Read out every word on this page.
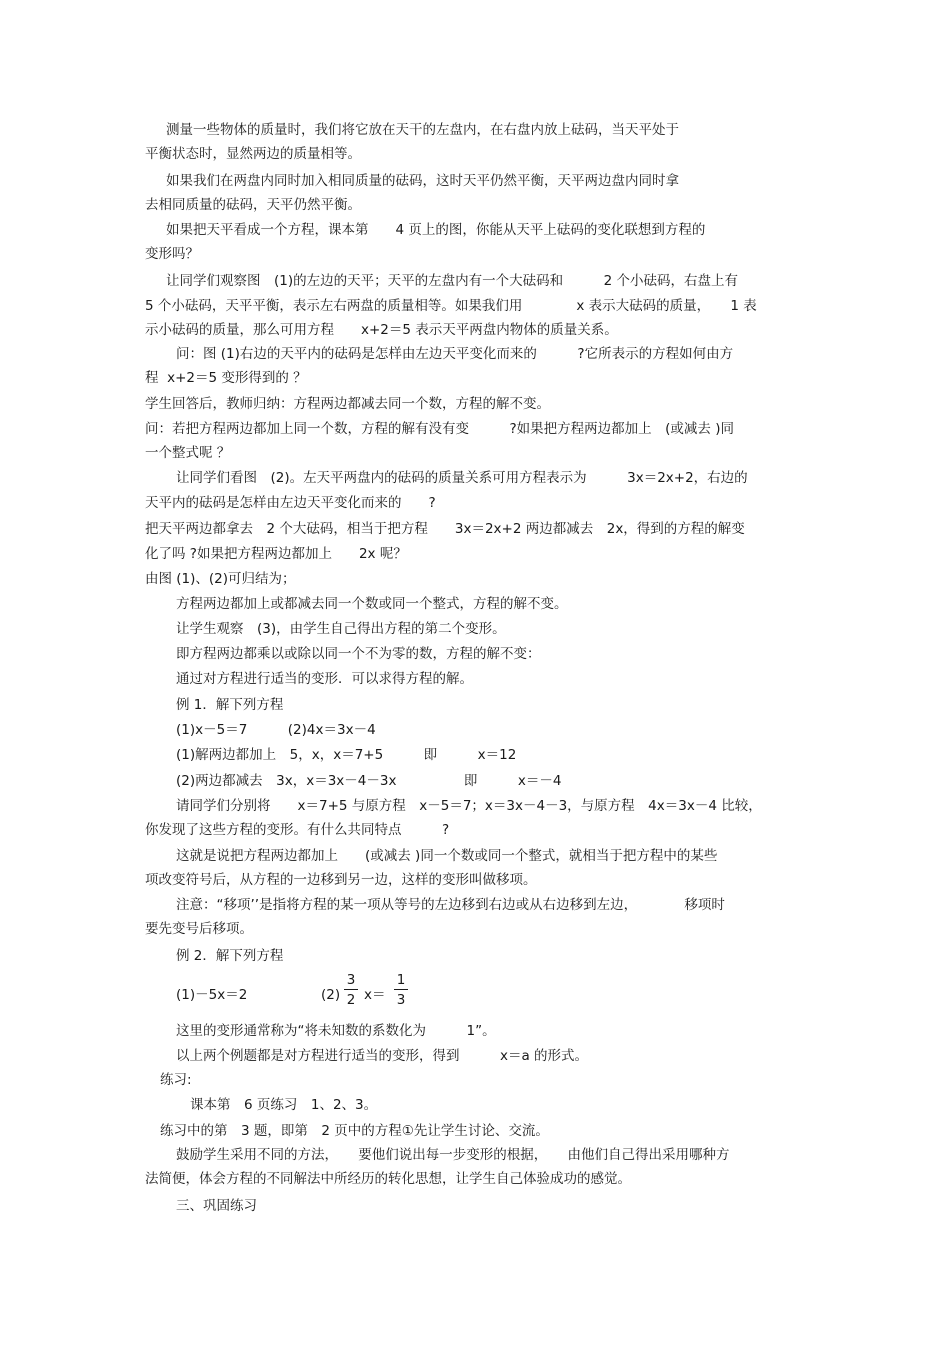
测量一些物体的质量时，我们将它放在天干的左盘内，在右盘内放上砝码，当天平处于
平衡状态时，显然两边的质量相等。
如果我们在两盘内同时加入相同质量的砝码，这时天平仍然平衡，天平两边盘内同时拿
去相同质量的砝码，天平仍然平衡。
如果把天平看成一个方程，课本第　　4 页上的图，你能从天平上砝码的变化联想到方程的
变形吗？
让同学们观察图　(1)的左边的天平；天平的左盘内有一个大砝码和　　　2 个小砝码，右盘上有
5 个小砝码，天平平衡，表示左右两盘的质量相等。如果我们用　　　　x 表示大砝码的质量，　　1 表
示小砝码的质量，那么可用方程　　x+2＝5 表示天平两盘内物体的质量关系。
问：图 (1)右边的天平内的砝码是怎样由左边天平变化而来的　　　?它所表示的方程如何由方
程  x+2＝5 变形得到的 ？
学生回答后，教师归纳：方程两边都减去同一个数，方程的解不变。
问：若把方程两边都加上同一个数，方程的解有没有变　　　?如果把方程两边都加上　(或减去 )同
一个整式呢 ？
让同学们看图　(2)。左天平两盘内的砝码的质量关系可用方程表示为　　　3x＝2x+2，右边的
天平内的砝码是怎样由左边天平变化而来的　　?
把天平两边都拿去　2 个大砝码，相当于把方程　　3x＝2x+2 两边都减去　2x，得到的方程的解变
化了吗 ?如果把方程两边都加上　　2x 呢？
由图 (1)、(2)可归结为；
方程两边都加上或都减去同一个数或同一个整式，方程的解不变。
让学生观察　(3)，由学生自己得出方程的第二个变形。
即方程两边都乘以或除以同一个不为零的数，方程的解不变：
通过对方程进行适当的变形．可以求得方程的解。
例 1．解下列方程
(1)x－5＝7　　　(2)4x＝3x－4
(1)解两边都加上　5，x，x＝7+5　　　即　　　x＝12
(2)两边都减去　3x，x＝3x－4－3x　　　　　即　　　x＝－4
请同学们分别将　　x＝7+5 与原方程　x－5＝7；x＝3x－4－3，与原方程　4x＝3x－4 比较，
你发现了这些方程的变形。有什么共同特点　　　?
这就是说把方程两边都加上　　(或减去 )同一个数或同一个整式，就相当于把方程中的某些
项改变符号后，从方程的一边移到另一边，这样的变形叫做移项。
注意：“移项’’是指将方程的某一项从等号的左边移到右边或从右边移到左边，　　　　移项时
要先变号后移项。
例 2．解下列方程
(1)－5x＝2	(2)
3
2 x＝
1
3
这里的变形通常称为“将未知数的系数化为　　　1”。
以上两个例题都是对方程进行适当的变形，得到　　　x＝a 的形式。
练习:
课本第　6 页练习　1、2、3。
练习中的第　3 题，即第　2 页中的方程①先让学生讨论、交流。
鼓励学生采用不同的方法，　　要他们说出每一步变形的根据，　　由他们自己得出采用哪种方
法简便，体会方程的不同解法中所经历的转化思想，让学生自己体验成功的感觉。
三、巩固练习
